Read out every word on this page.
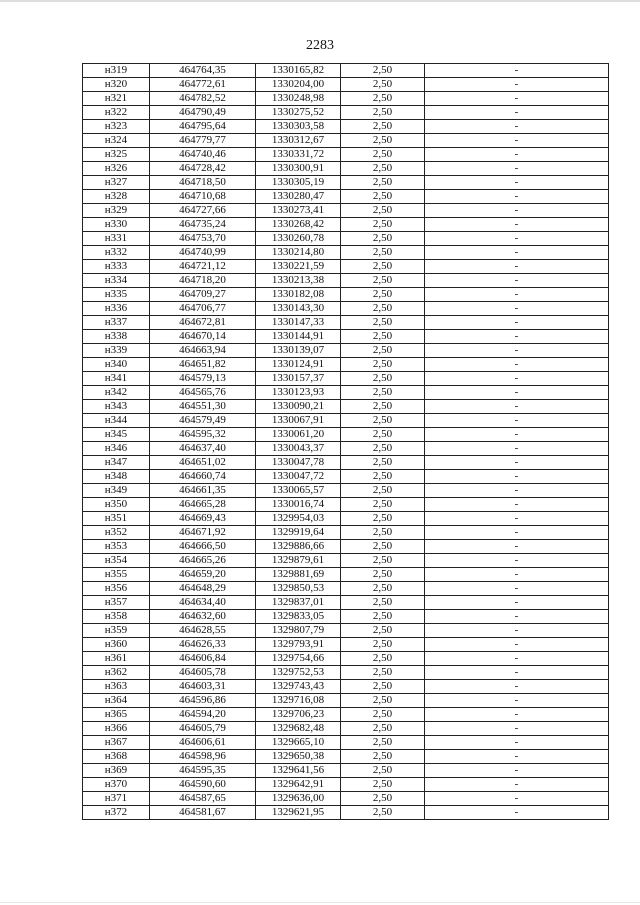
2283
н319	464764,35	1330165,82	2,50	-
н320	464772,61	1330204,00	2,50	-
н321	464782,52	1330248,98	2,50	-
н322	464790,49	1330275,52	2,50	-
н323	464795,64	1330303,58	2,50	-
н324	464779,77	1330312,67	2,50	-
н325	464740,46	1330331,72	2,50	-
н326	464728,42	1330300,91	2,50	-
н327	464718,50	1330305,19	2,50	-
н328	464710,68	1330280,47	2,50	-
н329	464727,66	1330273,41	2,50	-
н330	464735,24	1330268,42	2,50	-
н331	464753,70	1330260,78	2,50	-
н332	464740,99	1330214,80	2,50	-
н333	464721,12	1330221,59	2,50	-
н334	464718,20	1330213,38	2,50	-
н335	464709,27	1330182,08	2,50	-
н336	464706,77	1330143,30	2,50	-
н337	464672,81	1330147,33	2,50	-
н338	464670,14	1330144,91	2,50	-
н339	464663,94	1330139,07	2,50	-
н340	464651,82	1330124,91	2,50	-
н341	464579,13	1330157,37	2,50	-
н342	464565,76	1330123,93	2,50	-
н343	464551,30	1330090,21	2,50	-
н344	464579,49	1330067,91	2,50	-
н345	464595,32	1330061,20	2,50	-
н346	464637,40	1330043,37	2,50	-
н347	464651,02	1330047,78	2,50	-
н348	464660,74	1330047,72	2,50	-
н349	464661,35	1330065,57	2,50	-
н350	464665,28	1330016,74	2,50	-
н351	464669,43	1329954,03	2,50	-
н352	464671,92	1329919,64	2,50	-
н353	464666,50	1329886,66	2,50	-
н354	464665,26	1329879,61	2,50	-
н355	464659,20	1329881,69	2,50	-
н356	464648,29	1329850,53	2,50	-
н357	464634,40	1329837,01	2,50	-
н358	464632,60	1329833,05	2,50	-
н359	464628,55	1329807,79	2,50	-
н360	464626,33	1329793,91	2,50	-
н361	464606,84	1329754,66	2,50	-
н362	464605,78	1329752,53	2,50	-
н363	464603,31	1329743,43	2,50	-
н364	464596,86	1329716,08	2,50	-
н365	464594,20	1329706,23	2,50	-
н366	464605,79	1329682,48	2,50	-
н367	464606,61	1329665,10	2,50	-
н368	464598,96	1329650,38	2,50	-
н369	464595,35	1329641,56	2,50	-
н370	464590,60	1329642,91	2,50	-
н371	464587,65	1329636,00	2,50	-
н372	464581,67	1329621,95	2,50	-
